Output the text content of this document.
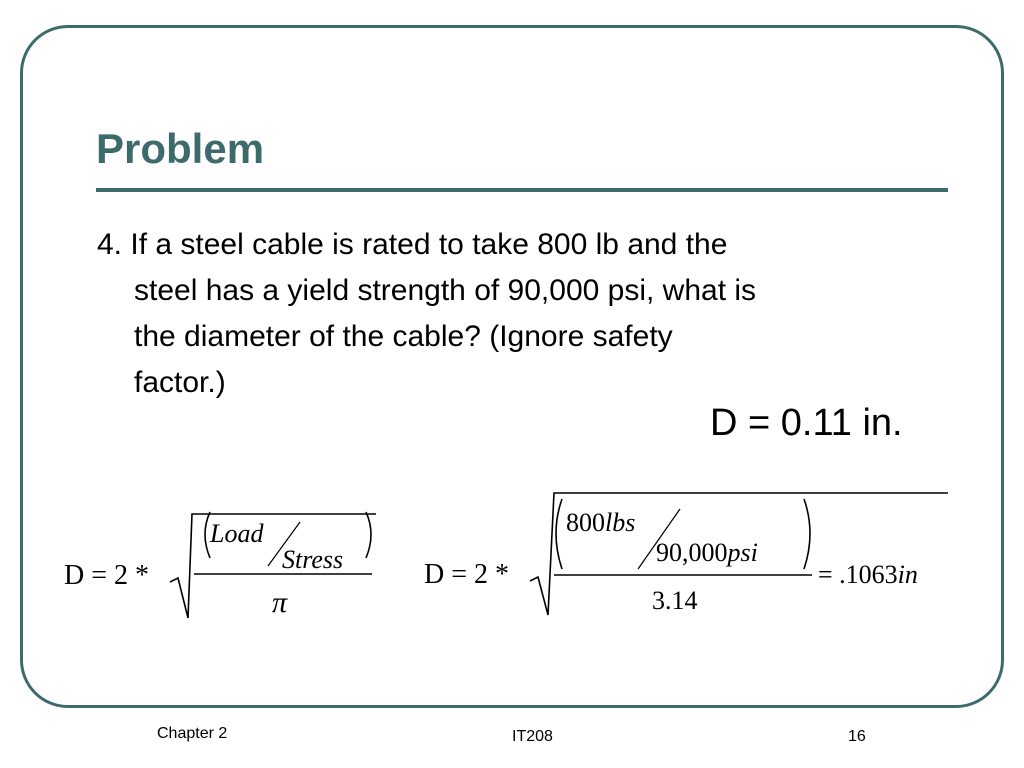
Problem
4. If a steel cable is rated to take 800 lb and the
steel has a yield strength of 90,000 psi, what is
the diameter of the cable? (Ignore safety
factor.)
D = 0.11 in.
D = 2 *
Load
Stress
π
D = 2 *
800lbs
90,000psi
3.14
= .1063in
Chapter 2	IT208	16
